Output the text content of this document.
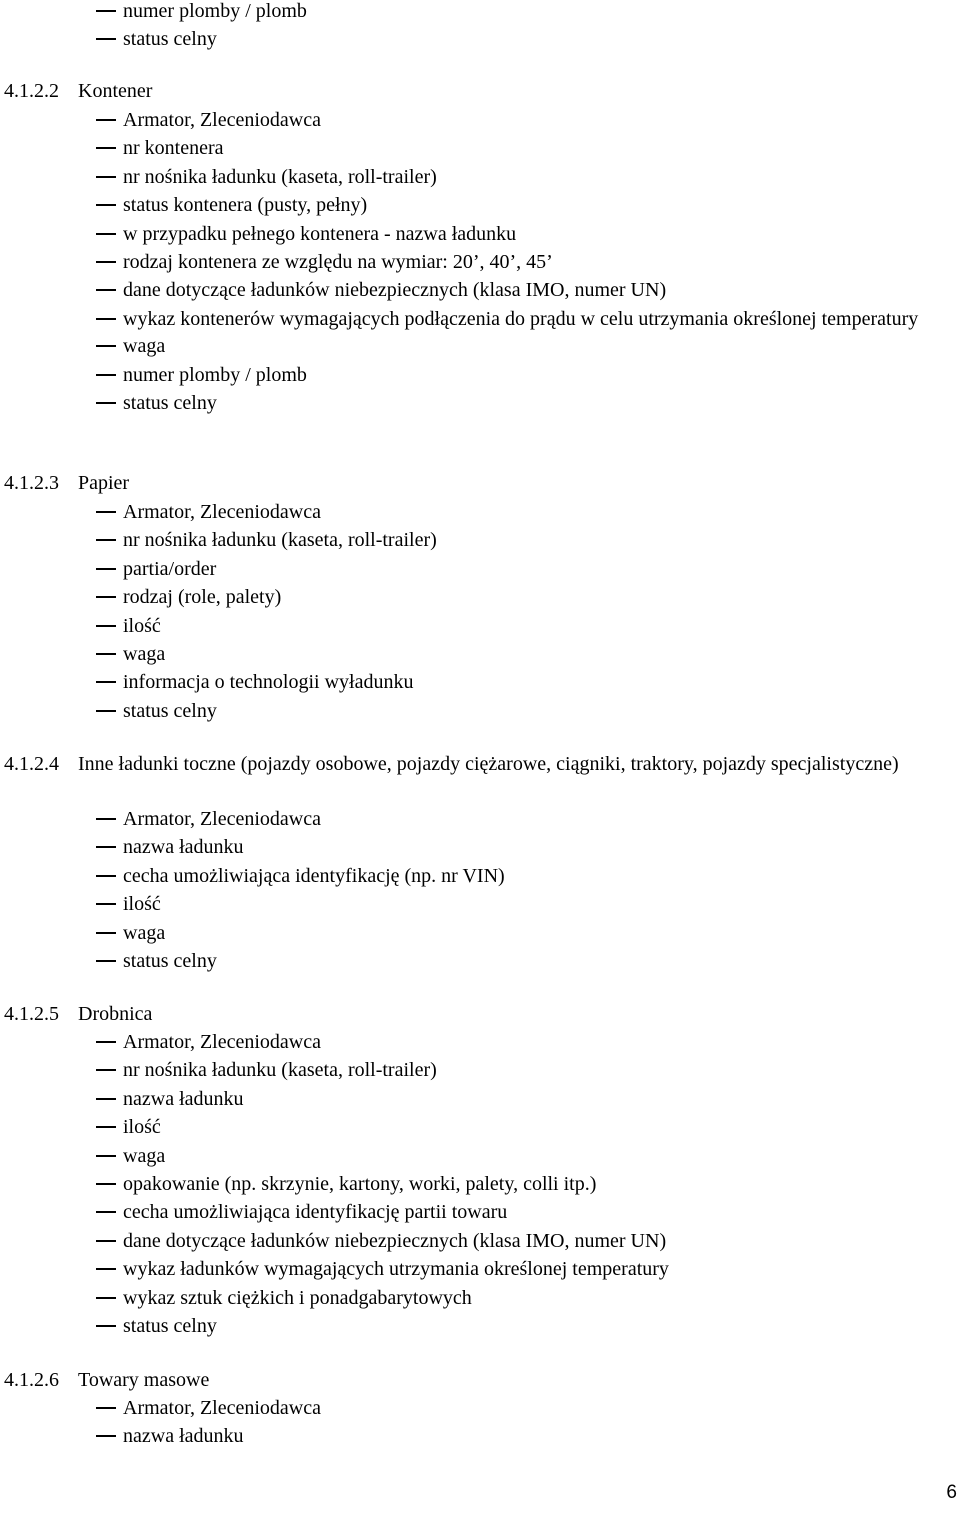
numer plomby / plomb
status celny
4.1.2.2 Kontener
Armator, Zleceniodawca
nr kontenera
nr nośnika ładunku (kaseta, roll-trailer)
status kontenera (pusty, pełny)
w przypadku pełnego kontenera - nazwa ładunku
rodzaj kontenera ze względu na wymiar: 20’, 40’, 45’
dane dotyczące ładunków niebezpiecznych (klasa IMO, numer UN)
wykaz kontenerów wymagających podłączenia do prądu w celu utrzymania określonej temperatury
waga
numer plomby / plomb
status celny
4.1.2.3 Papier
Armator, Zleceniodawca
nr nośnika ładunku (kaseta, roll-trailer)
partia/order
rodzaj (role, palety)
ilość
waga
informacja o technologii wyładunku
status celny
4.1.2.4 Inne ładunki toczne (pojazdy osobowe, pojazdy ciężarowe, ciągniki, traktory, pojazdy specjalistyczne)
Armator, Zleceniodawca
nazwa ładunku
cecha umożliwiająca identyfikację (np. nr VIN)
ilość
waga
status celny
4.1.2.5 Drobnica
Armator, Zleceniodawca
nr nośnika ładunku (kaseta, roll-trailer)
nazwa ładunku
ilość
waga
opakowanie (np. skrzynie, kartony, worki, palety, colli itp.)
cecha umożliwiająca identyfikację partii towaru
dane dotyczące ładunków niebezpiecznych (klasa IMO, numer UN)
wykaz ładunków wymagających utrzymania określonej temperatury
wykaz sztuk ciężkich i ponadgabarytowych
status celny
4.1.2.6 Towary masowe
Armator, Zleceniodawca
nazwa ładunku
6
